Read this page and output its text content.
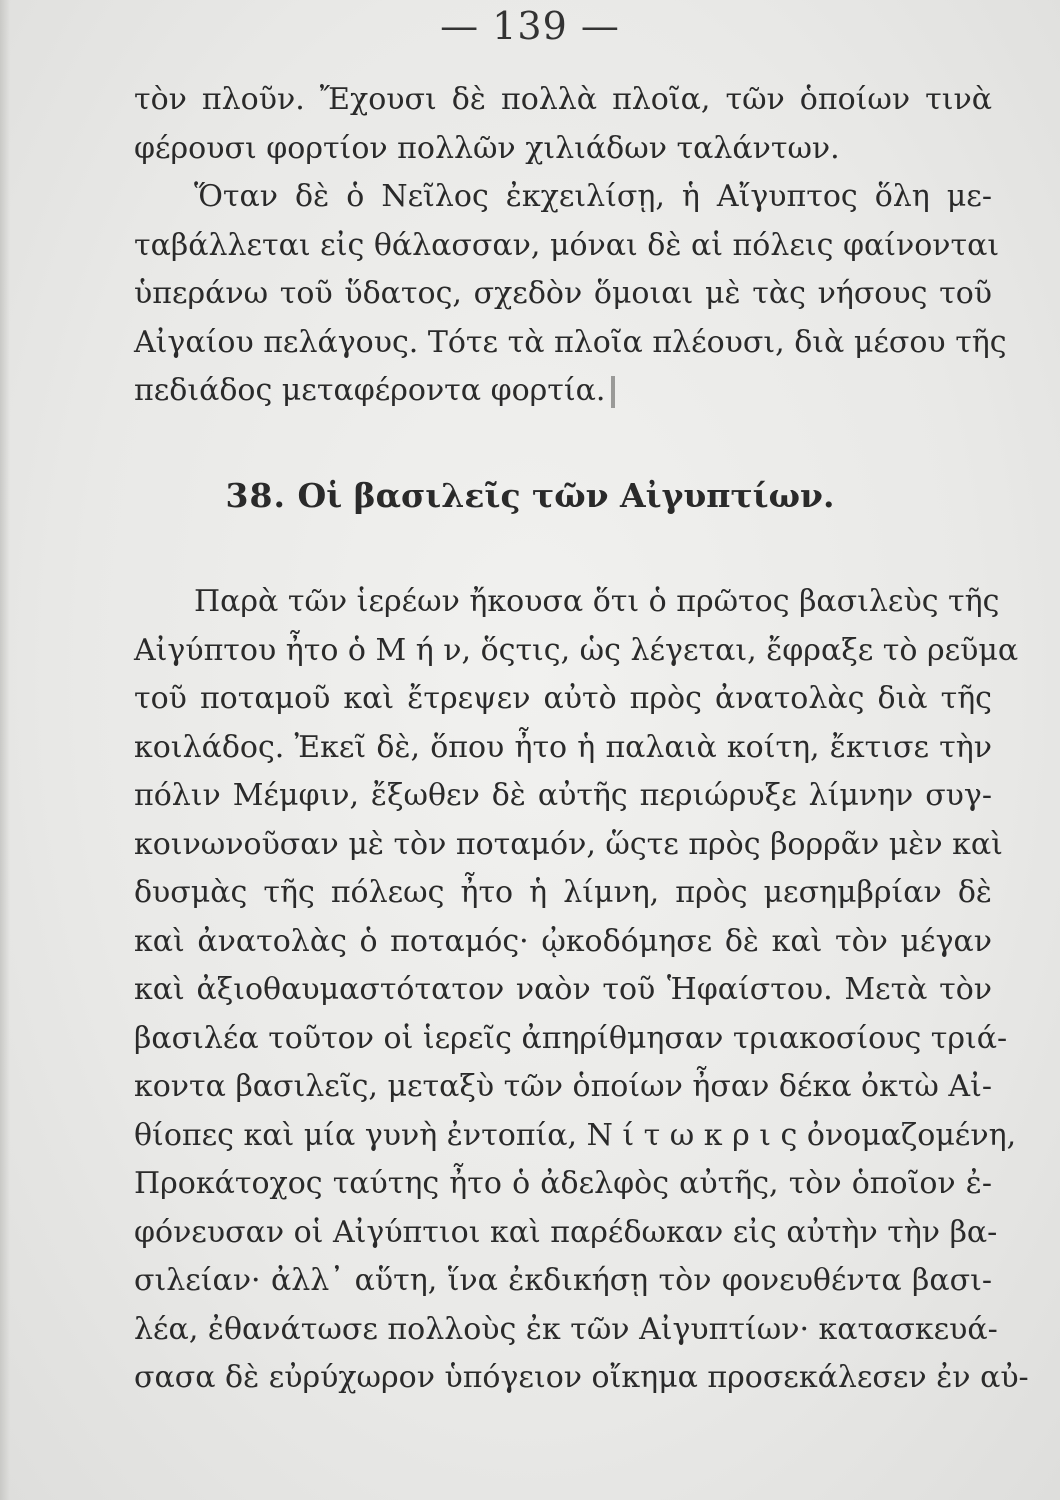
— 139 —
τὸν πλοῦν. Ἔχουσι δὲ πολλὰ πλοῖα, τῶν ὁποίων τινὰ
φέρουσι φορτίον πολλῶν χιλιάδων ταλάντων.
Ὅταν δὲ ὁ Νεῖλος ἐκχειλίσῃ, ἡ Αἴγυπτος ὅλη με-
ταβάλλεται εἰς θάλασσαν, μόναι δὲ αἱ πόλεις φαίνονται
ὑπεράνω τοῦ ὕδατος, σχεδὸν ὅμοιαι μὲ τὰς νήσους τοῦ
Αἰγαίου πελάγους. Τότε τὰ πλοῖα πλέουσι, διὰ μέσου τῆς
πεδιάδος μεταφέροντα φορτία.
38. Οἱ βασιλεῖς τῶν Αἰγυπτίων.
Παρὰ τῶν ἱερέων ἤκουσα ὅτι ὁ πρῶτος βασιλεὺς τῆς
Αἰγύπτου ἦτο ὁ Μ ή ν, ὅςτις, ὡς λέγεται, ἔφραξε τὸ ρεῦμα
τοῦ ποταμοῦ καὶ ἔτρεψεν αὐτὸ πρὸς ἀνατολὰς διὰ τῆς
κοιλάδος. Ἐκεῖ δὲ, ὅπου ἦτο ἡ παλαιὰ κοίτη, ἔκτισε τὴν
πόλιν Μέμφιν, ἔξωθεν δὲ αὐτῆς περιώρυξε λίμνην συγ-
κοινωνοῦσαν μὲ τὸν ποταμόν, ὥςτε πρὸς βορρᾶν μὲν καὶ
δυσμὰς τῆς πόλεως ἦτο ἡ λίμνη, πρὸς μεσημβρίαν δὲ
καὶ ἀνατολὰς ὁ ποταμός· ᾠκοδόμησε δὲ καὶ τὸν μέγαν
καὶ ἀξιοθαυμαστότατον ναὸν τοῦ Ἡφαίστου. Μετὰ τὸν
βασιλέα τοῦτον οἱ ἱερεῖς ἀπηρίθμησαν τριακοσίους τριά-
κοντα βασιλεῖς, μεταξὺ τῶν ὁποίων ἦσαν δέκα ὀκτὼ Αἰ-
θίοπες καὶ μία γυνὴ ἐντοπία, Ν ί τ ω κ ρ ι ς ὀνομαζομένη,
Προκάτοχος ταύτης ἦτο ὁ ἀδελφὸς αὐτῆς, τὸν ὁποῖον ἐ-
φόνευσαν οἱ Αἰγύπτιοι καὶ παρέδωκαν εἰς αὐτὴν τὴν βα-
σιλείαν· ἀλλ᾽ αὕτη, ἵνα ἐκδικήσῃ τὸν φονευθέντα βασι-
λέα, ἐθανάτωσε πολλοὺς ἐκ τῶν Αἰγυπτίων· κατασκευά-
σασα δὲ εὐρύχωρον ὑπόγειον οἴκημα προσεκάλεσεν ἐν αὐ-
